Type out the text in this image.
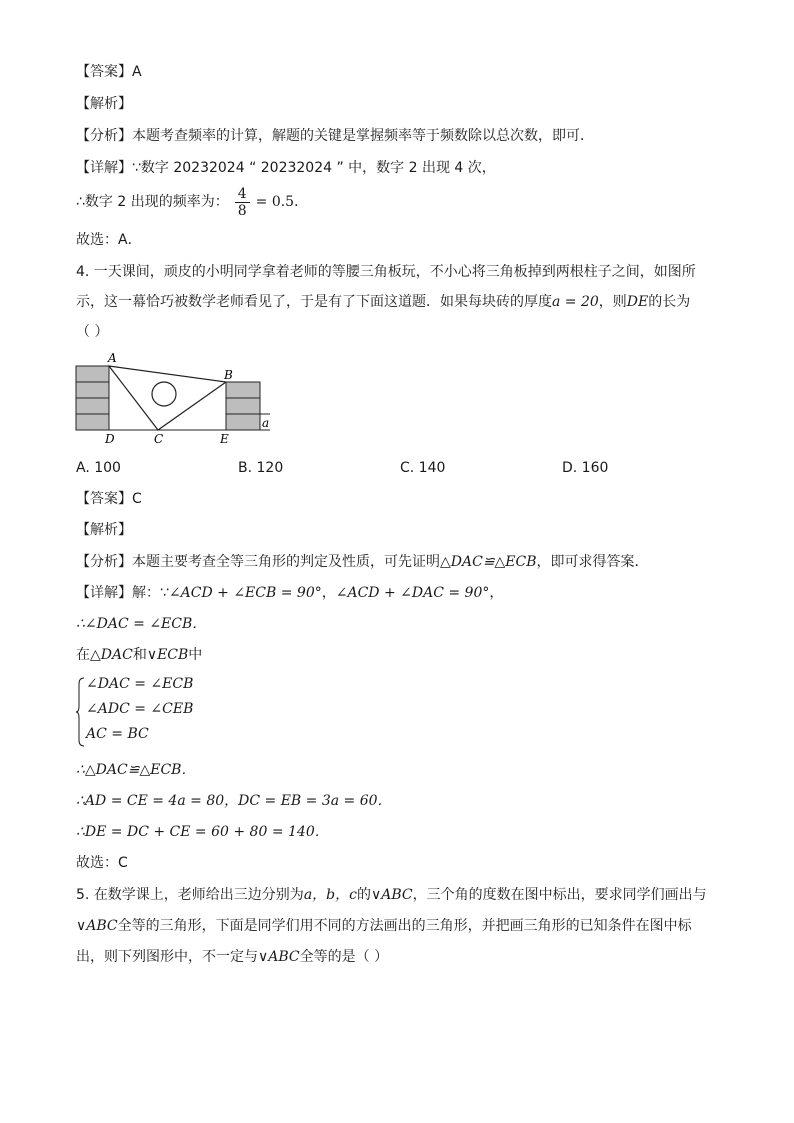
【答案】A
【解析】
【分析】本题考查频率的计算，解题的关键是掌握频率等于频数除以总次数，即可．
【详解】∵数字 20232024 “ 20232024 ” 中，数字 2 出现 4 次，
∴数字 2 出现的频率为： $\frac{4}{8} = 0.5$．
故选：A．
4. 一天课间，顽皮的小明同学拿着老师的等腰三角板玩，不小心将三角板掉到两根柱子之间，如图所
示，这一幕恰巧被数学老师看见了，于是有了下面这道题．如果每块砖的厚度a = 20，则DE的长为
（ ）
A
B
C
D	E
a
A. 100	B. 120	C. 140	D. 160
【答案】C
【解析】
【分析】本题主要考查全等三角形的判定及性质，可先证明△DAC≌△ECB，即可求得答案．
【详解】解：∵∠ACD + ∠ECB = 90°，∠ACD + ∠DAC = 90°，
∴∠DAC = ∠ECB．
在△DAC和∨ECB中
∠DAC = ∠ECB
∠ADC = ∠CEB
AC = BC
∴△DAC≌△ECB．
∴AD = CE = 4a = 80，DC = EB = 3a = 60．
∴DE = DC + CE = 60 + 80 = 140．
故选：C
5. 在数学课上，老师给出三边分别为a，b，c的∨ABC，三个角的度数在图中标出，要求同学们画出与
∨ABC全等的三角形，下面是同学们用不同的方法画出的三角形，并把画三角形的已知条件在图中标
出，则下列图形中，不一定与∨ABC全等的是（ ）
